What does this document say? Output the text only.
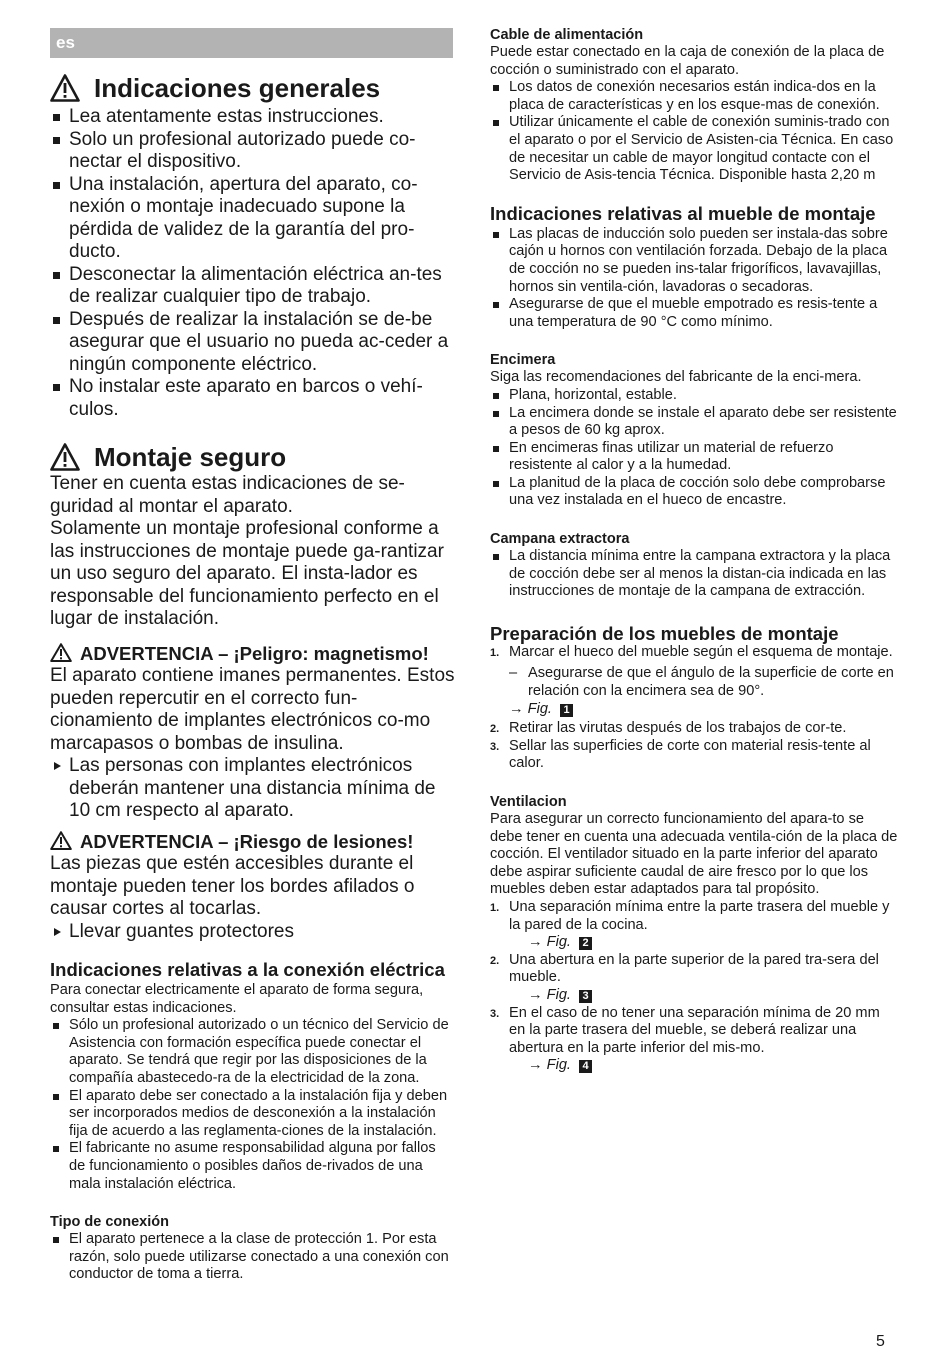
es
Indicaciones generales
Lea atentamente estas instrucciones.
Solo un profesional autorizado puede co-nectar el dispositivo.
Una instalación, apertura del aparato, co-nexión o montaje inadecuado supone la pérdida de validez de la garantía del pro-ducto.
Desconectar la alimentación eléctrica an-tes de realizar cualquier tipo de trabajo.
Después de realizar la instalación se de-be asegurar que el usuario no pueda ac-ceder a ningún componente eléctrico.
No instalar este aparato en barcos o vehí-culos.
Montaje seguro

Tener en cuenta estas indicaciones de se-guridad al montar el aparato.

Solamente un montaje profesional conforme a las instrucciones de montaje puede ga-rantizar un uso seguro del aparato. El insta-lador es responsable del funcionamiento perfecto en el lugar de instalación.

ADVERTENCIA – ¡Peligro: magnetismo!

El aparato contiene imanes permanentes. Estos pueden repercutir en el correcto fun-cionamiento de implantes electrónicos co-mo marcapasos o bombas de insulina.

Las personas con implantes electrónicos deberán mantener una distancia mínima de 10 cm respecto al aparato.
ADVERTENCIA – ¡Riesgo de lesiones!

Las piezas que estén accesibles durante el montaje pueden tener los bordes afilados o causar cortes al tocarlas.

Llevar guantes protectores
Indicaciones relativas a la conexión eléctrica

Para conectar electricamente el aparato de forma segura, consultar estas indicaciones.

Sólo un profesional autorizado o un técnico del Servicio de Asistencia con formación específica puede conectar el aparato. Se tendrá que regir por las disposiciones de la compañía abastecedo-ra de la electricidad de la zona.
El aparato debe ser conectado a la instalación fija y deben ser incorporados medios de desconexión a la instalación fija de acuerdo a las reglamenta-ciones de la instalación.
El fabricante no asume responsabilidad alguna por fallos de funcionamiento o posibles daños de-rivados de una mala instalación eléctrica.
Tipo de conexión
El aparato pertenece a la clase de protección 1. Por esta razón, solo puede utilizarse conectado a una conexión con conductor de toma a tierra.
Cable de alimentación

Puede estar conectado en la caja de conexión de la placa de cocción o suministrado con el aparato.

Los datos de conexión necesarios están indica-dos en la placa de características y en los esque-mas de conexión.
Utilizar únicamente el cable de conexión suminis-trado con el aparato o por el Servicio de Asisten-cia Técnica. En caso de necesitar un cable de mayor longitud contacte con el Servicio de Asis-tencia Técnica. Disponible hasta 2,20 m
Indicaciones relativas al mueble de montaje
Las placas de inducción solo pueden ser instala-das sobre cajón u hornos con ventilación forzada. Debajo de la placa de cocción no se pueden ins-talar frigoríficos, lavavajillas, hornos sin ventila-ción, lavadoras o secadoras.
Asegurarse de que el mueble empotrado es resis-tente a una temperatura de 90 °C como mínimo.
Encimera

Siga las recomendaciones del fabricante de la enci-mera.

Plana, horizontal, estable.
La encimera donde se instale el aparato debe ser resistente a pesos de 60 kg aprox.
En encimeras finas utilizar un material de refuerzo resistente al calor y a la humedad.
La planitud de la placa de cocción solo debe comprobarse una vez instalada en el hueco de encastre.
Campana extractora
La distancia mínima entre la campana extractora y la placa de cocción debe ser al menos la distan-cia indicada en las instrucciones de montaje de la campana de extracción.
Preparación de los muebles de montaje
1. Marcar el hueco del mueble según el esquema de montaje.
– Asegurarse de que el ángulo de la superficie de corte en relación con la encimera sea de 90°.
→ Fig. 1
2. Retirar las virutas después de los trabajos de cor-te.
3. Sellar las superficies de corte con material resis-tente al calor.
Ventilacion

Para asegurar un correcto funcionamiento del apara-to se debe tener en cuenta una adecuada ventila-ción de la placa de cocción. El ventilador situado en la parte inferior del aparato debe aspirar suficiente caudal de aire fresco por lo que los muebles deben estar adaptados para tal propósito.

1. Una separación mínima entre la parte trasera del mueble y la pared de la cocina.
→ Fig. 2
2. Una abertura en la parte superior de la pared tra-sera del mueble.
→ Fig. 3
3. En el caso de no tener una separación mínima de 20 mm en la parte trasera del mueble, se deberá realizar una abertura en la parte inferior del mis-mo.
→ Fig. 4
5
